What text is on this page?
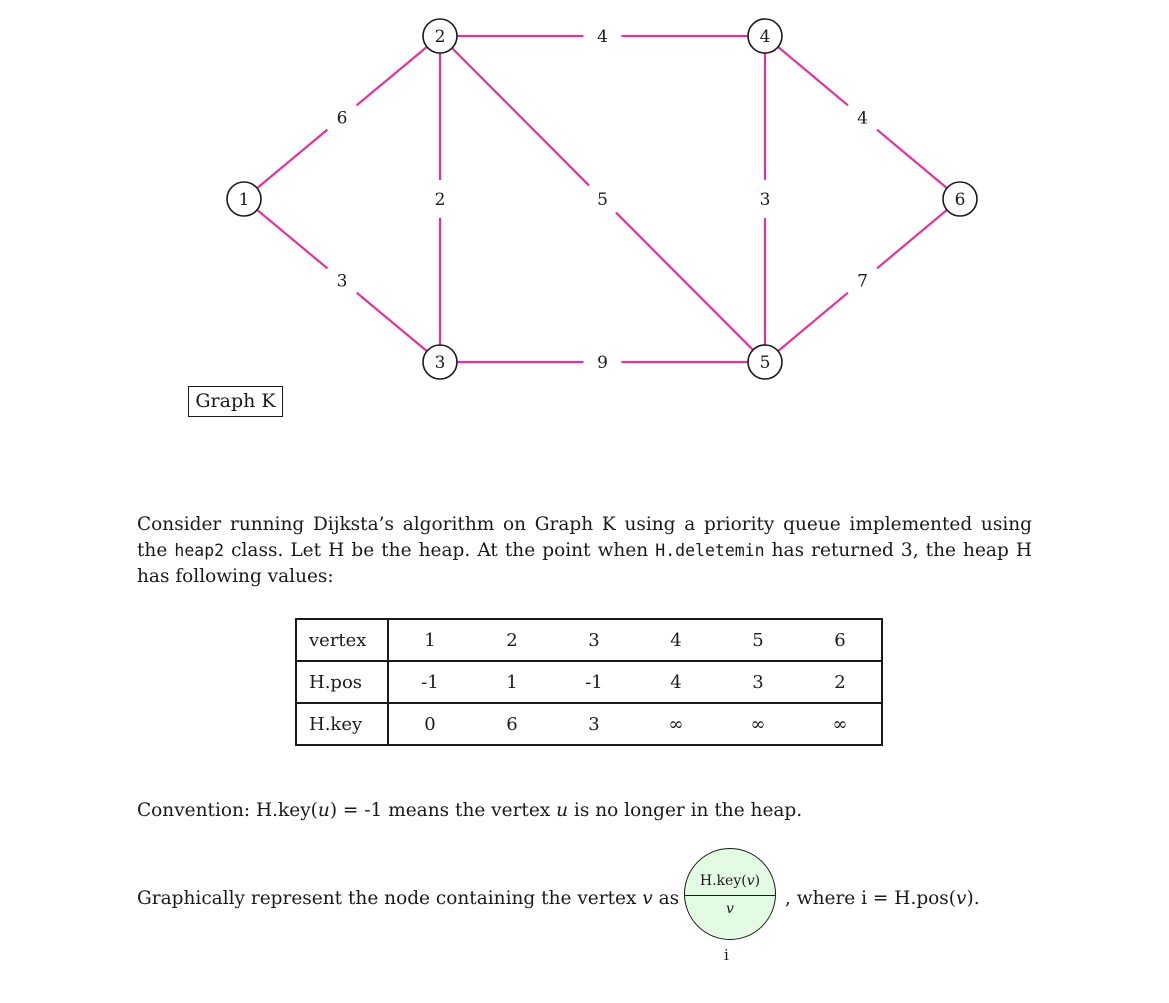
6
3
2
4
5
9
3
4
7
1
2
3
4
5
6
Graph K
Consider running Dijksta’s algorithm on Graph K using a priority queue implemented using the heap2 class. Let H be the heap. At the point when H.deletemin has returned 3, the heap H has following values:
vertex	1	2	3	4	5	6
H.pos	-1	1	-1	4	3	2
H.key	0	6	3	∞	∞	∞
Convention: H.key(u) = -1 means the vertex u is no longer in the heap.
Graphically represent the node containing the vertex v as
H.key(v)
v
i
, where i = H.pos(v).
